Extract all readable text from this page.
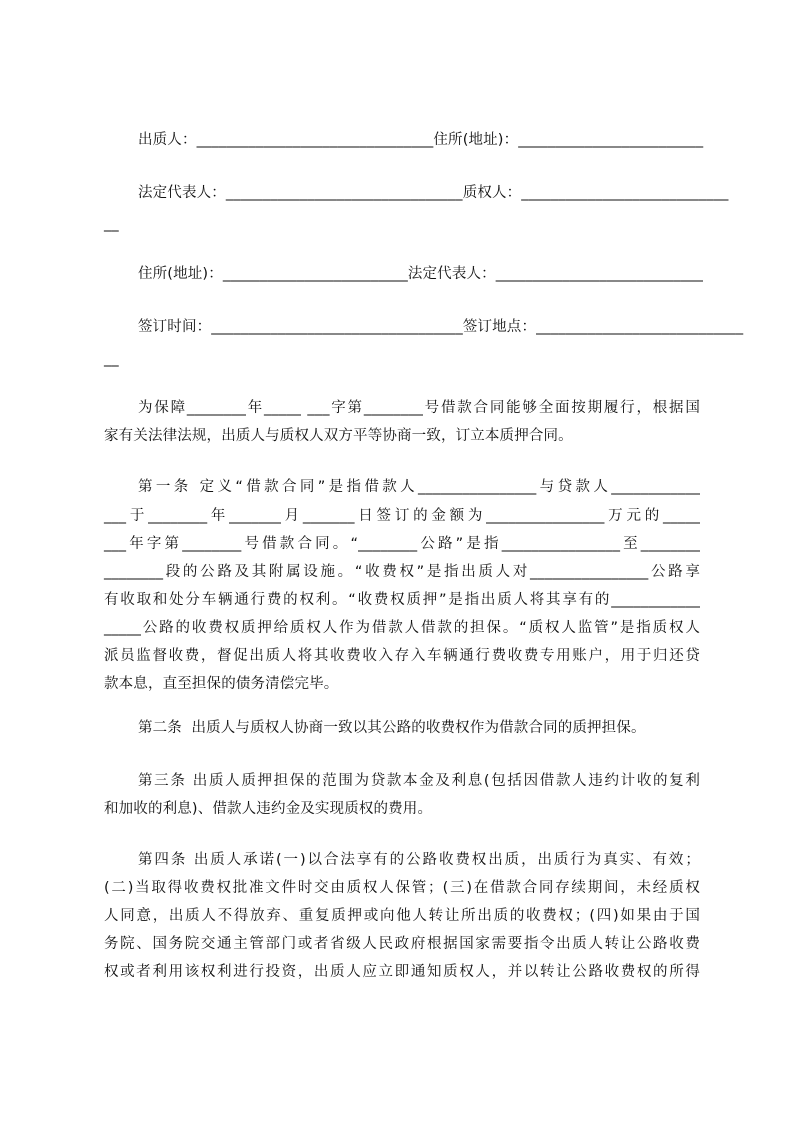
出质人：________________________________住所(地址)：_________________________

法定代表人：________________________________质权人：____________________________

__

住所(地址)：_________________________法定代表人：____________________________

签订时间：__________________________________签订地点：____________________________

__

为保障________年_____ ___字第________号借款合同能够全面按期履行，根据国

家有关法律法规，出质人与质权人双方平等协商一致，订立本质押合同。

第一条 定义“借款合同”是指借款人________________与贷款人____________

___于________年_______月_______日签订的金额为________________万元的_____

___年字第________号借款合同。“________公路”是指________________至________

________段的公路及其附属设施。“收费权”是指出质人对________________公路享

有收取和处分车辆通行费的权利。“收费权质押”是指出质人将其享有的____________

_____公路的收费权质押给质权人作为借款人借款的担保。“质权人监管”是指质权人

派员监督收费，督促出质人将其收费收入存入车辆通行费收费专用账户，用于归还贷

款本息，直至担保的债务清偿完毕。

第二条  出质人与质权人协商一致以其公路的收费权作为借款合同的质押担保。

第三条 出质人质押担保的范围为贷款本金及利息(包括因借款人违约计收的复利

和加收的利息)、借款人违约金及实现质权的费用。

第四条 出质人承诺(一)以合法享有的公路收费权出质，出质行为真实、有效；

(二)当取得收费权批准文件时交由质权人保管；(三)在借款合同存续期间，未经质权

人同意，出质人不得放弃、重复质押或向他人转让所出质的收费权；(四)如果由于国

务院、国务院交通主管部门或者省级人民政府根据国家需要指令出质人转让公路收费

权或者利用该权利进行投资，出质人应立即通知质权人，并以转让公路收费权的所得
